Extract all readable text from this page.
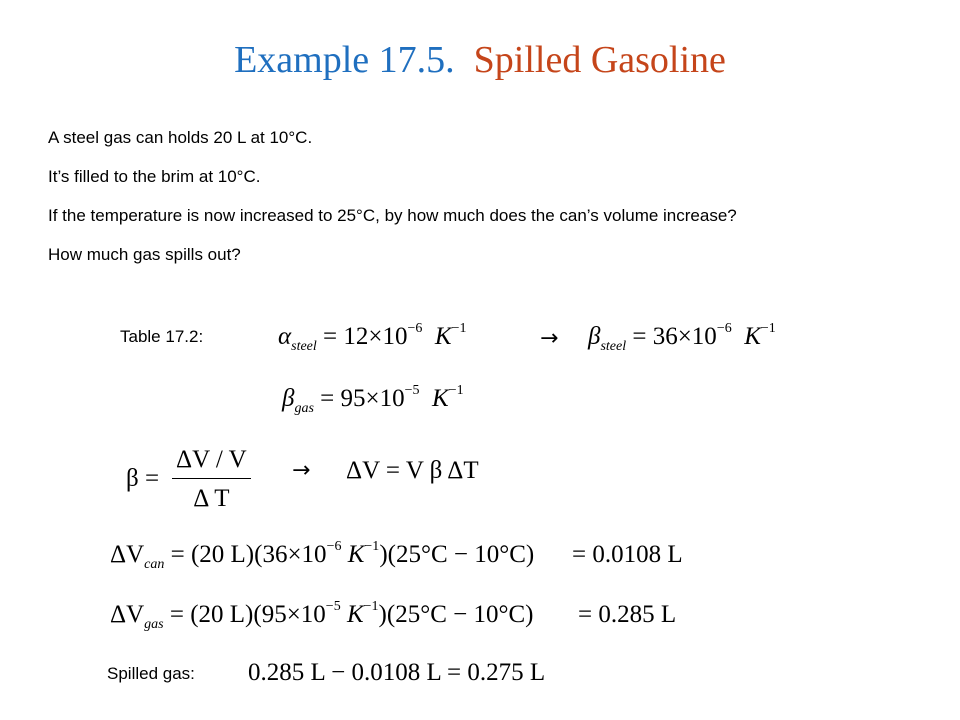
Example 17.5. Spilled Gasoline
A steel gas can holds 20 L at 10°C.
It’s filled to the brim at 10°C.
If the temperature is now increased to 25°C, by how much does the can’s volume increase?
How much gas spills out?
Table 17.2:	$\alpha_{steel} = 12\times 10^{-6}$ $K^{-1}$	→ $\beta_{steel} = 36\times 10^{-6}$ $K^{-1}$
$\beta_{gas} = 95\times 10^{-5}$ $K^{-1}$
$\beta = \frac{\Delta V / V}{\text{Δ T}} \to \Delta V = V$ β ΔT
$\Delta V_{can} = (20$ $L)(36\times 10^{-6}$ $K^{-1})(25^\circ C - 10^\circ C) = 0.0108$ L
$\Delta V_{gas} = (20$ $L)(95\times 10^{-5}$ $K^{-1})(25^\circ C - 10^\circ C) = 0.285$ L
Spilled gas: 0.285 L − 0.0108 L = 0.275 L
